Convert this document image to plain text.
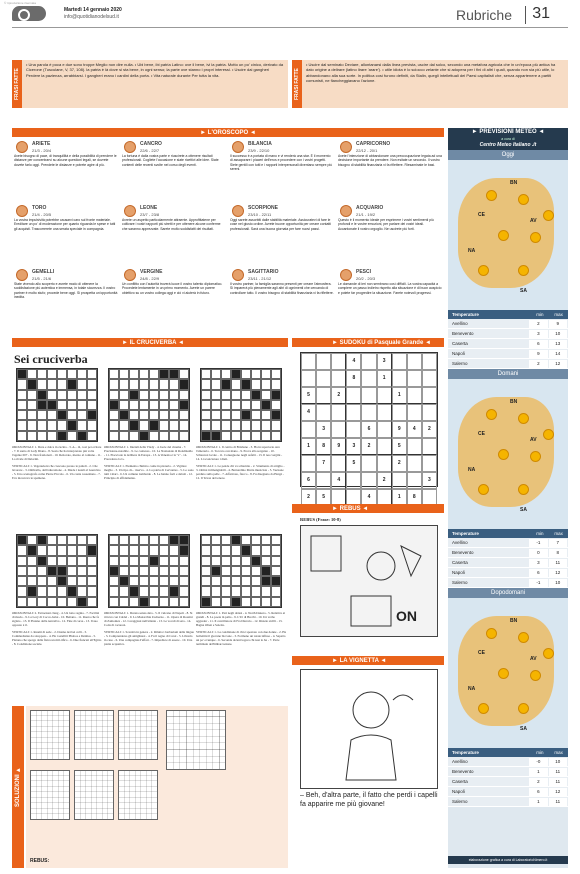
© riproduzione riservata
Martedì 14 gennaio 2020
info@quotidianodelsud.it	Rubriche 31
FRASI FATTE
• Una parola è poca e due sono troppe Meglio non dire nulla. • Ubi bene, ibi patria Latino: ove il bene, ivi la patria. Motto un po' cinico, derivato da Cicerone (Tusculane, V, 37, 108). la patria è là dove si sta bene, in ogni senso; la parte ove stanno i propri interessi. • Uscire dai gangheri Perdere la pazienza, arrabbiarsi. I gangheri erano i cardini della porta. • Vita naturale durante Per tutta la vita.	FRASI FATTE
• Uscire dal seminato Deviare, allontanarsi dalla linea prevista, uscire dal solco, secondo una metafora agricola che in un'epoca più antica ha dato origine a delirare (latino lirare 'arare'). • utile idiota è lo sciocco zelante che si adopera per i fini di altri i quali, quando non sia più utile, lo abbandonano alla sua sorte. In politica così furono definiti, da Stalin, quegli intellettuali dei Paesi capitalisti che, senza appartenere a partiti comunisti, ne fiancheggiavano l'azione.
► L'OROSCOPO ◄
ARIETE
21/3 - 20/4
Avete bisogno di pace, di tranquillità e della possibilità di prendere le distanze per concentrarvi su alcune questioni legali, se dovrete dovete farlo oggi. Prendete le distanze e potrete agire di più.
TORO
21/4 - 20/5
La vostra impulsività potrebbe causarvi caro sul fronte materiale. Ereditare un po' di moderazione per quanto riguarda le spese e tutti gli acquisti. Trascorrerete una serata speciale in compagnia.
GEMELLI
21/5 - 21/6
State vivendo allo scoperto e avrete modo di ottenere la soddisfazione più autentica e immensa, in totale sicurezza. Il vostro partner è molto stufo; procede bene oggi. Si prospetta un'opportunità inedita.
CANCRO
22/6 - 22/7
La fortuna è dalla vostra parte e riuscirete a ottenere risultati professionali. Cogliete l'occasione e siate ricettivi alle idee. Siate contenti delle recenti svolte nel corso degli eventi.
LEONE
23/7 - 23/8
Avrete un aspetto particolarmente attraente. Approfittatene per coltivare i vostri rapporti più stretti e per ottenere alcune conferme che saranno apprezzate. Sarete molto soddisfatti dei risultati.
VERGINE
24/8 - 22/9
Un conflitto con l'autorità troverà luoce il vostro talento diplomatico. Procedete lentamente in un primo momento. Avrete un parere obiettivo su un vostro collega oggi e ciò vi aiuterà in futuro.
BILANCIA
23/9 - 22/10
Il successo è a portata di mano e vi renderà una star. È il momento di assaporare i piaceri dell'eros e procedere con i vostri progetti. Siete gentili con tutti e i rapporti interpersonali diventano sempre più sereni.
SCORPIONE
23/10 - 22/11
Oggi sarete assorbiti dalle stabilità materiale. Assicuratevi di fare le cose nel giusto ordine. Avrete buone opportunità per creare contatti professionali. Sarà una buona giornata per fare nuovi passi.
SAGITTARIO
23/11 - 21/12
Il vostro partner, la famiglia saranno presenti per creare l'atmosfera. Si imparerà più pienamente agli altri di ognimenti che cercando di controllare tutto. Il vostro bisogno di stabilità finanziaria vi fa riflettere.
CAPRICORNO
22/12 - 20/1
Avete l'intenzione di abbandonare una preoccupazione legata ad una decisione importante da prendere. Non esitate un secondo. Il vostro bisogno di stabilità finanziaria vi fa riflettere. Riesaminate le basi.
ACQUARIO
21/1 - 19/2
Questo è il momento ideale per esprimere i vostri sentimenti più profondi e le vostre emozioni, per parlare dei vostri ideali. Accantonate il vostro orgoglio. Ne uscirete più forti.
PESCI
20/2 - 20/3
Le domande di ieri non sembrano così difficili. La vostra capacità a compiere un passo indietro rispetto alla situazione è di buon auspicio e potete far progredire la situazione. Farete notevoli progressi.
► PREVISIONI METEO ◄
a cura di
Centro Meteo Italiano .it
Oggi
CE
BN
AV
NA
SA
Temperature	min	max
Avellino	2	9
Benevento	3	10
Caserta	6	13
Napoli	9	14
Salerno	2	12
Domani
CE
BN
AV
NA
SA
Temperature	min	max
Avellino	-1	7
Benevento	0	8
Caserta	3	11
Napoli	6	12
Salerno	-1	10
Dopodomani
CE
BN
AV
NA
SA
Temperature	min	max
Avellino	-0	10
Benevento	1	11
Caserta	2	11
Napoli	6	12
Salerno	1	11
elaborazione grafica a cura di LaboratorioNimero.it
► IL CRUCIVERBA ◄
Sei cruciverba
ORIZZONTALI: 1. Dura e dolce in cucina - 3. A... di, così per evitare - 7. Il santo di Lady Diana - 8. Sean che ha interpretato più volte l'agente 007 - 9. Non frazionati - 10. Rettorato, mezzo al comune - 11. La rivale di Delorini.
VERTICALI: 1. Vegetazioni che crescono presso le paludi - 2. Che lavorare - 3. Ombrello, dell'educazione - 4. Diede i natali al Guercino - 5. Uno scenografo come Pierre Piccolo - 6. Un conte rosseniano - 7. Eva incorreva le spamone.
ORIZZONTALI: 1. Iniziali della Vlady - 4. Isole del cinema - 7. Precisione-notabile - 9. Le contessa - 10. La Nazionale di Rondinaldo - 11. Piacevole la delibera in Europa - 13. A Venezia è la "s" - 14. Precedono la G.
VERTICALI: 1. Elemento chimico come in pizzeria - 2. Vigilare meglio - 3. Un tipo di... riserva - 4. La patria di Cervantes - 5. Lo sono tutti i mari - 6. Un comune lombardo - 8. Le hanno forti e deboli - 12. Principio di affidamento.
ORIZZONTALI: 1. Il centro di Brisbane - 3. Ha in repertorio Ave l'ameraria - 6. Toccato con mano - 9. Prova alla sorgente - 10. Scherzosi locale - 11. Conseguono negli asfalti - 13. Il neo vergini - 14. Li sconciatore i dieti.
VERTICALI: 1. Le pende chi va schernito - 2. Strumento di artiglio - 3. Ormai irrimangiabili - 4. Bernardino Maria musicista - 5. Vezzone perduto sulla pelle - 7. Affaticato, fiacco - 8. Fu disegnato da Hergé - 12. Il Tevaz del tenore.
ORIZZONTALI: 2. Estrazioni clang - 4. Un lotto regina - 7. Facilità di modo - 9. La Lory di Cocco-baloi - 10. Bettana - 11. Ruota che fa siglato - 13. Il Platano della narrativa - 12. Fine di corsa - 13. Il suo opposto è il.
VERTICALI: 1. Reami di sede - 2. Donna dei bei colli - 3. Commediante da stroppato - 4. Ha i satelliti Phobos e Deimos - 5. Platano che sporge dalla fisica un mil-tifico - 6. Due fiancati all'Egitto - 8. Condizione sociale.
ORIZZONTALI: 1. Durata senza data - 5. Il vulcano di Napoli - 8. Si ritrovò con Caldel - 9. La Monarchia Zodrezzo - 11. Opera di Rossini di Zamoinza - 12. Coraggiosi nell'atlante - 13. Le vocali di seta - 14. Coda di cacarosi.
VERTICALI: 1. Scarsità in genere - 2. Rilutta i berbariani della lingua - 3. Comprendono gli antighnesi - 4. Fu il regno di Carol - 5. Libraria in caso - 6. Una compagnia d'affari - 7. Impedisce di essere - 10. Una piatta acquatica.
ORIZZONTALI: 1. Pari negli abissi - 4. North Dakota - 5. Relativa ai grandi - 8. La poeta in palio - 9. L'Ut di Brecht - 10. Un verbo aggreder - 11. Il conciliatore di Fra Diavolo - 12. Ristele sicilli - 13. Bagna Olten e Soletta.
VERTICALI: 1. La condizione di chi è spostato con due donne - 2. Ha bollettini il giovane biccone - 3. Formano un totale infisso - 4. Sapetta un po' ovunque - 6. Seconde alcuni logora chi non lo ha - 7. Parte terminale dell'imbarcazione.
► SUDOKU di Pasquale Grande ◄
4	3
8	1
5	2	1
4
3	6	9	4	2
1	8	9	3	2	5
7	5	2
6	4	2	3
2	5	4	1	8
► REBUS ◄
REBUS (Frase: 10-8)
ON
► LA VIGNETTA ◄
– Beh, d'altra parte, il fatto che perdi i capelli fa apparire me più giovane!
SOLUZIONI ►
REBUS:
